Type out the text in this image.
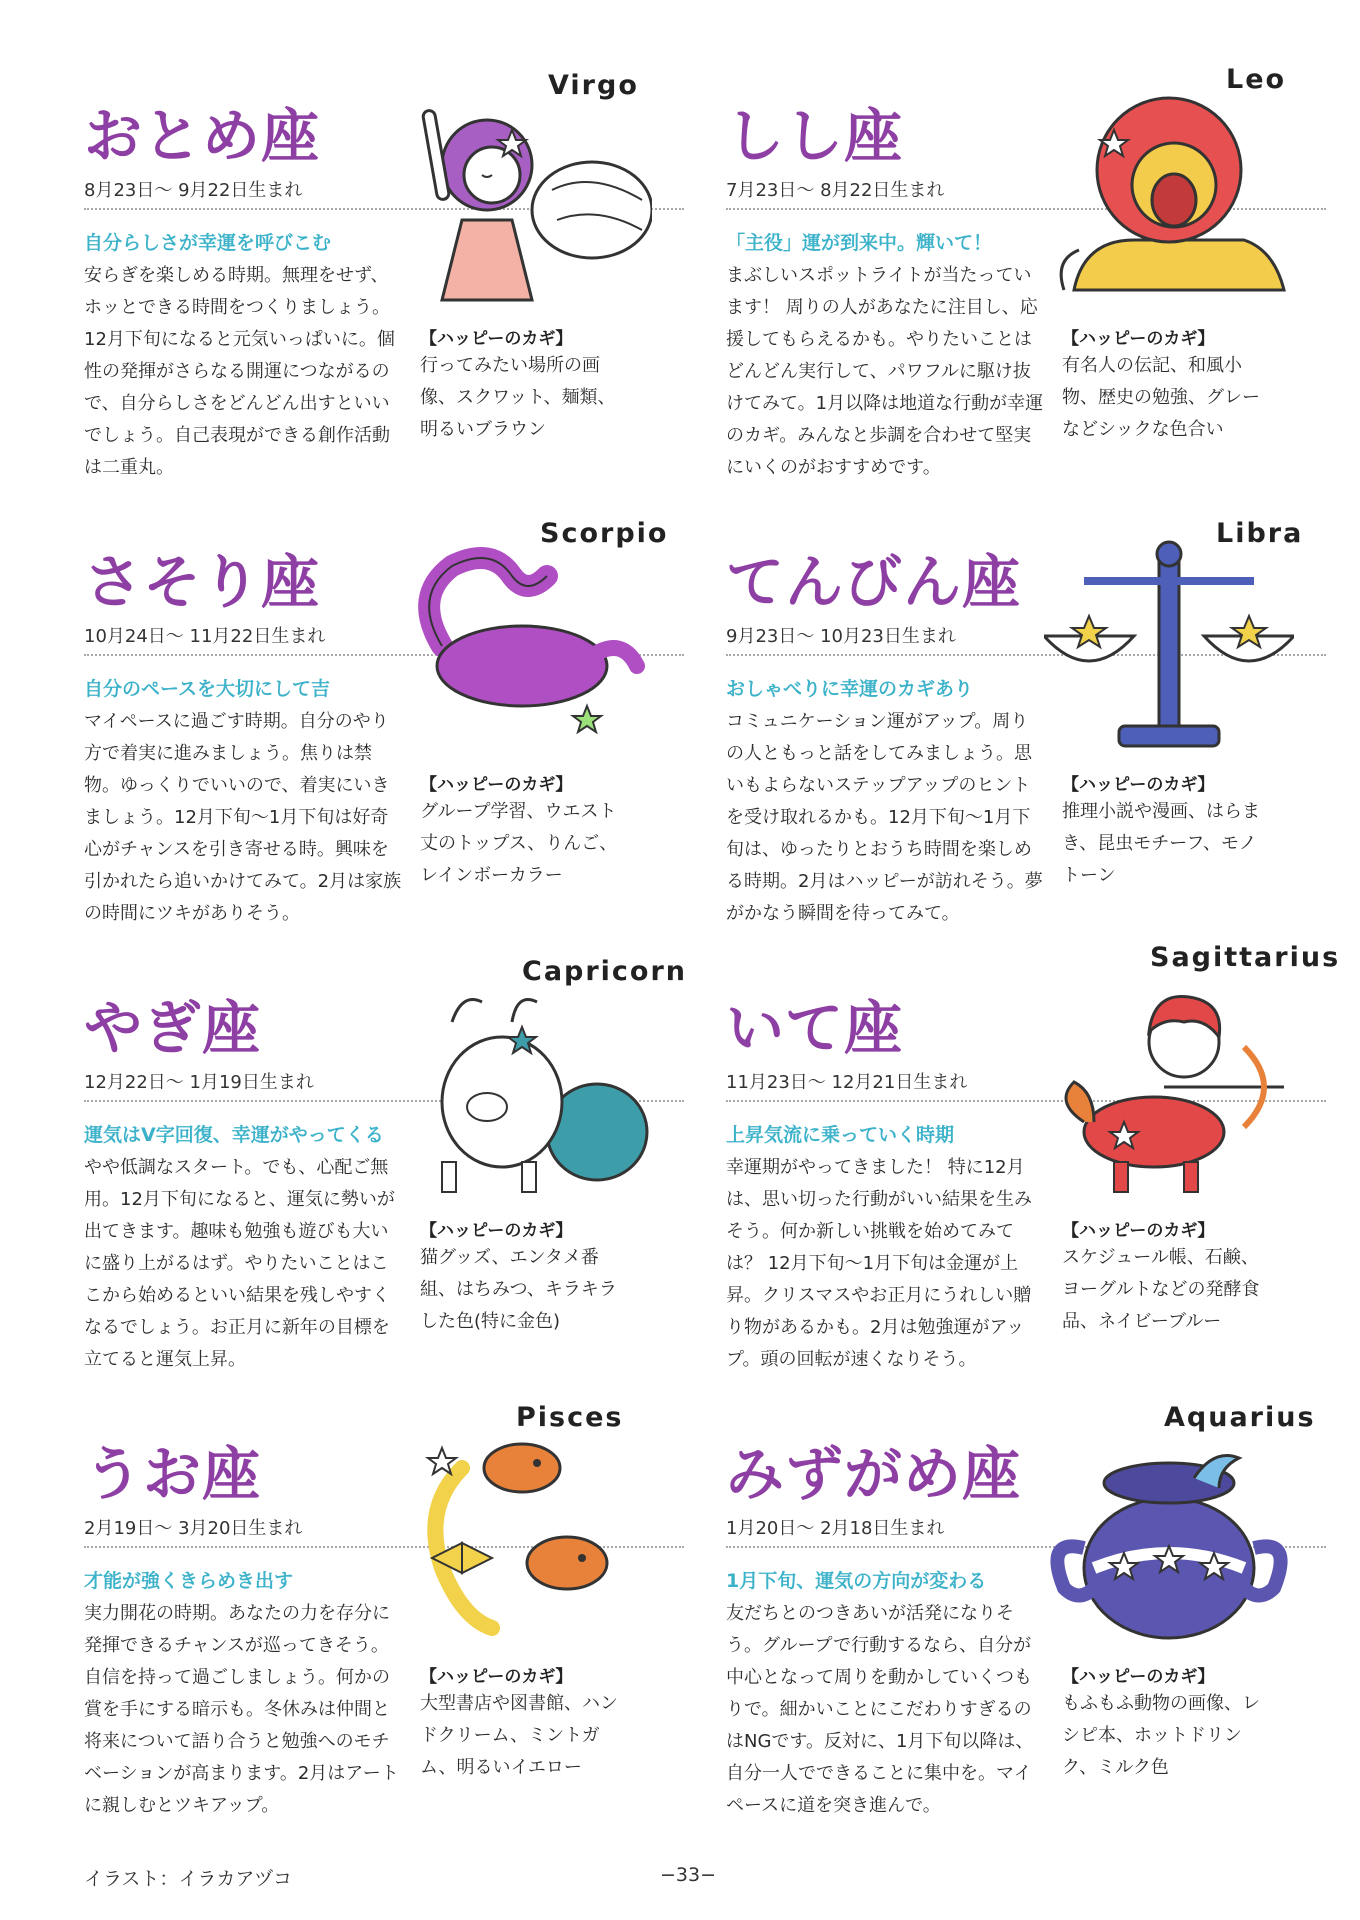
おとめ座
8月23日～ 9月22日生まれ
自分らしさが幸運を呼びこむ
安らぎを楽しめる時期。無理をせず、ホッとできる時間をつくりましょう。12月下旬になると元気いっぱいに。個性の発揮がさらなる開運につながるので、自分らしさをどんどん出すといいでしょう。自己表現ができる創作活動は二重丸。
Virgo
【ハッピーのカギ】
行ってみたい場所の画像、スクワット、麺類、明るいブラウン
しし座
7月23日～ 8月22日生まれ
「主役」運が到来中。輝いて！
まぶしいスポットライトが当たっています！ 周りの人があなたに注目し、応援してもらえるかも。やりたいことはどんどん実行して、パワフルに駆け抜けてみて。1月以降は地道な行動が幸運のカギ。みんなと歩調を合わせて堅実にいくのがおすすめです。
Leo
【ハッピーのカギ】
有名人の伝記、和風小物、歴史の勉強、グレーなどシックな色合い
さそり座
10月24日～ 11月22日生まれ
自分のペースを大切にして吉
マイペースに過ごす時期。自分のやり方で着実に進みましょう。焦りは禁物。ゆっくりでいいので、着実にいきましょう。12月下旬～1月下旬は好奇心がチャンスを引き寄せる時。興味を引かれたら追いかけてみて。2月は家族の時間にツキがありそう。
Scorpio
【ハッピーのカギ】
グループ学習、ウエスト丈のトップス、りんご、レインボーカラー
てんびん座
9月23日～ 10月23日生まれ
おしゃべりに幸運のカギあり
コミュニケーション運がアップ。周りの人ともっと話をしてみましょう。思いもよらないステップアップのヒントを受け取れるかも。12月下旬～1月下旬は、ゆったりとおうち時間を楽しめる時期。2月はハッピーが訪れそう。夢がかなう瞬間を待ってみて。
Libra
【ハッピーのカギ】
推理小説や漫画、はらまき、昆虫モチーフ、モノトーン
やぎ座
12月22日～ 1月19日生まれ
運気はV字回復、幸運がやってくる
やや低調なスタート。でも、心配ご無用。12月下旬になると、運気に勢いが出てきます。趣味も勉強も遊びも大いに盛り上がるはず。やりたいことはここから始めるといい結果を残しやすくなるでしょう。お正月に新年の目標を立てると運気上昇。
Capricorn
【ハッピーのカギ】
猫グッズ、エンタメ番組、はちみつ、キラキラした色(特に金色)
いて座
11月23日～ 12月21日生まれ
上昇気流に乗っていく時期
幸運期がやってきました！ 特に12月は、思い切った行動がいい結果を生みそう。何か新しい挑戦を始めてみては？ 12月下旬～1月下旬は金運が上昇。クリスマスやお正月にうれしい贈り物があるかも。2月は勉強運がアップ。頭の回転が速くなりそう。
Sagittarius
【ハッピーのカギ】
スケジュール帳、石鹸、ヨーグルトなどの発酵食品、ネイビーブルー
うお座
2月19日～ 3月20日生まれ
才能が強くきらめき出す
実力開花の時期。あなたの力を存分に発揮できるチャンスが巡ってきそう。自信を持って過ごしましょう。何かの賞を手にする暗示も。冬休みは仲間と将来について語り合うと勉強へのモチベーションが高まります。2月はアートに親しむとツキアップ。
Pisces
【ハッピーのカギ】
大型書店や図書館、ハンドクリーム、ミントガム、明るいイエロー
みずがめ座
1月20日～ 2月18日生まれ
1月下旬、運気の方向が変わる
友だちとのつきあいが活発になりそう。グループで行動するなら、自分が中心となって周りを動かしていくつもりで。細かいことにこだわりすぎるのはNGです。反対に、1月下旬以降は、自分一人でできることに集中を。マイペースに道を突き進んで。
Aquarius
【ハッピーのカギ】
もふもふ動物の画像、レシピ本、ホットドリンク、ミルク色
イラスト：イラカアヅコ	−33−
